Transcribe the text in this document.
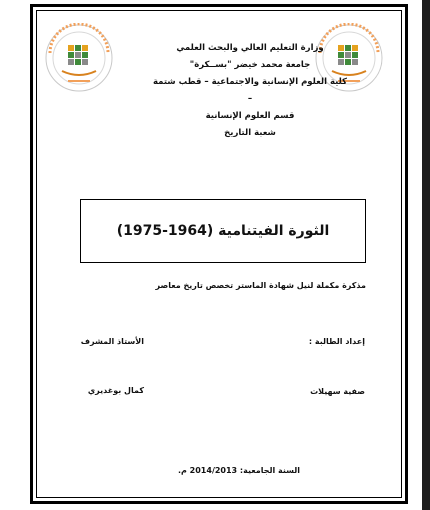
وزارة التعليم العالي والبحث العلمي
جامعة محمد خيضر "بســكرة"
كلية العلوم الإنسانية والاجتماعية – قطب شتمة –
قسم العلوم الإنسانية
شعبة التاريخ
الثورة الفيتنامية (1964-1975)
مذكرة مكملة لنيل شهادة الماستر تخصص تاريخ معاصر
إعداد الطالبة :
الأستاذ المشرف
صفية سهيلات
كمال بوغديري
السنة الجامعية: 2014/2013 م.
